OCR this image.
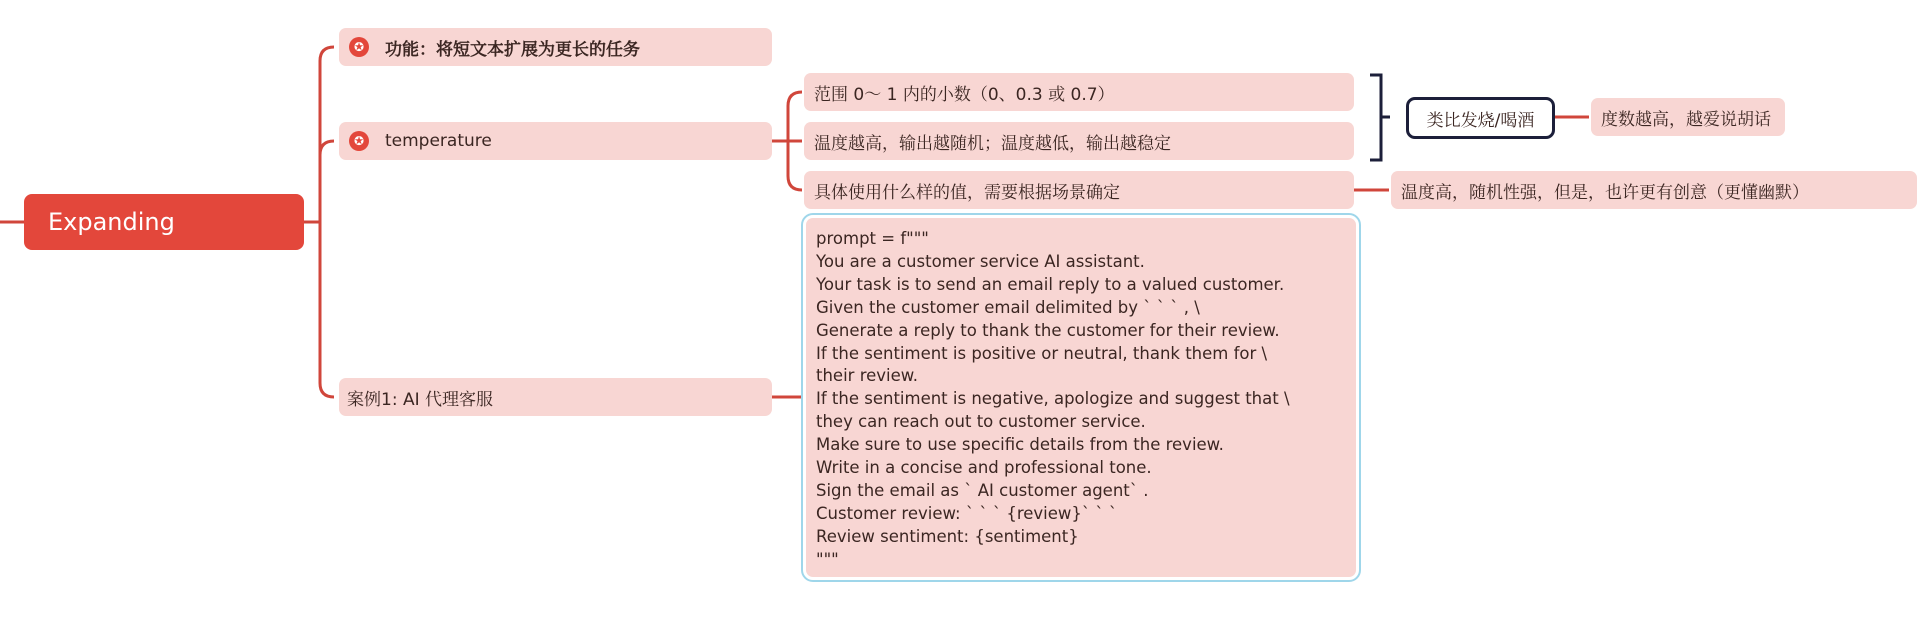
Expanding
✪ 功能：将短文本扩展为更长的任务
✪ temperature
范围 0～ 1 内的小数（0、0.3 或 0.7）
温度越高，输出越随机；温度越低，输出越稳定
具体使用什么样的值，需要根据场景确定
类比发烧/喝酒	度数越高，越爱说胡话
温度高，随机性强，但是，也许更有创意（更懂幽默）
案例1: AI 代理客服
prompt = f"""
You are a customer service AI assistant.
Your task is to send an email reply to a valued customer.
Given the customer email delimited by ` ` ` , \
Generate a reply to thank the customer for their review.
If the sentiment is positive or neutral, thank them for \
their review.
If the sentiment is negative, apologize and suggest that \
they can reach out to customer service.
Make sure to use specific details from the review.
Write in a concise and professional tone.
Sign the email as ` AI customer agent` .
Customer review: ` ` ` {review}` ` `
Review sentiment: {sentiment}
"""
